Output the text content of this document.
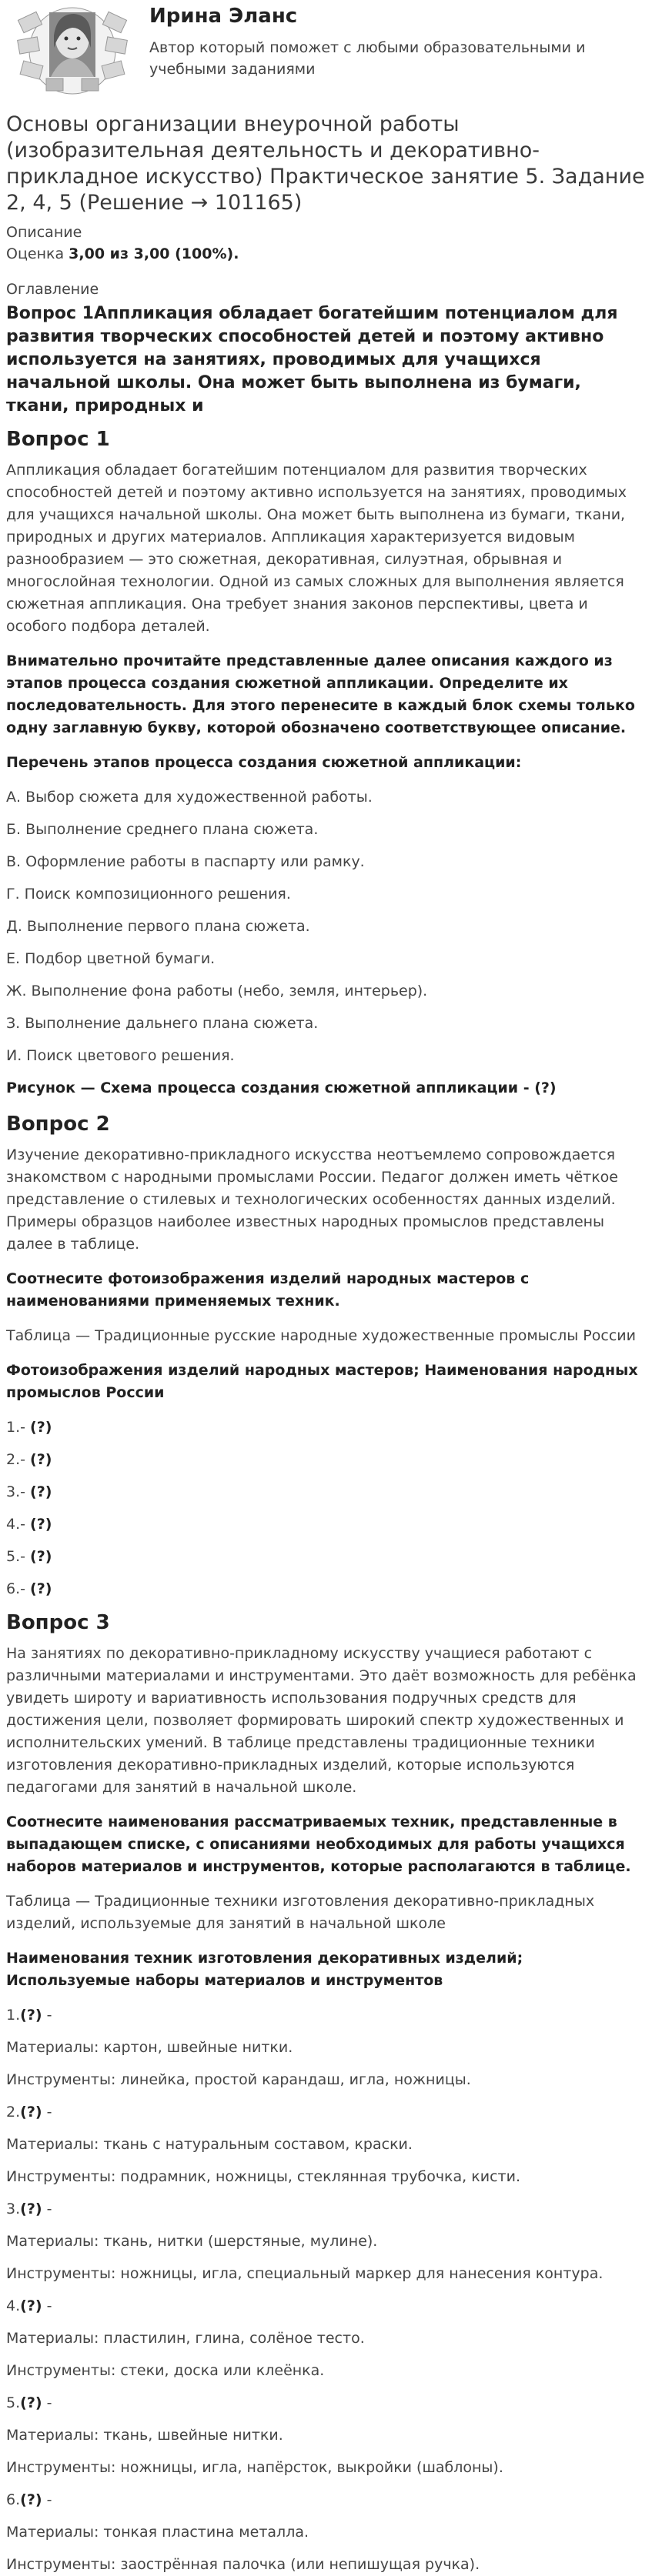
Ирина Эланс
Автор который поможет с любыми образовательными и учебными заданиями
Основы организации внеурочной работы (изобразительная деятельность и декоративно-прикладное искусство) Практическое занятие 5. Задание 2, 4, 5 (Решение → 101165)
Описание
Оценка 3,00 из 3,00 (100%).
Оглавление
Вопрос 1Аппликация обладает богатейшим потенциалом для развития творческих способностей детей и поэтому активно используется на занятиях, проводимых для учащихся начальной школы. Она может быть выполнена из бумаги, ткани, природных и
Вопрос 1

Аппликация обладает богатейшим потенциалом для развития творческих способностей детей и поэтому активно используется на занятиях, проводимых для учащихся начальной школы. Она может быть выполнена из бумаги, ткани, природных и других материалов. Аппликация характеризуется видовым разнообразием — это сюжетная, декоративная, силуэтная, обрывная и многослойная технологии. Одной из самых сложных для выполнения является сюжетная аппликация. Она требует знания законов перспективы, цвета и особого подбора деталей.

Внимательно прочитайте представленные далее описания каждого из этапов процесса создания сюжетной аппликации. Определите их последовательность. Для этого перенесите в каждый блок схемы только одну заглавную букву, которой обозначено соответствующее описание.

Перечень этапов процесса создания сюжетной аппликации:

А. Выбор сюжета для художественной работы.

Б. Выполнение среднего плана сюжета.

В. Оформление работы в паспарту или рамку.

Г. Поиск композиционного решения.

Д. Выполнение первого плана сюжета.

Е. Подбор цветной бумаги.

Ж. Выполнение фона работы (небо, земля, интерьер).

З. Выполнение дальнего плана сюжета.

И. Поиск цветового решения.

Рисунок — Схема процесса создания сюжетной аппликации - (?)

Вопрос 2

Изучение декоративно-прикладного искусства неотъемлемо сопровождается знакомством с народными промыслами России. Педагог должен иметь чёткое представление о стилевых и технологических особенностях данных изделий. Примеры образцов наиболее известных народных промыслов представлены далее в таблице.

Соотнесите фотоизображения изделий народных мастеров с наименованиями применяемых техник.

Таблица — Традиционные русские народные художественные промыслы России

Фотоизображения изделий народных мастеров; Наименования народных промыслов России

1.- (?)

2.- (?)

3.- (?)

4.- (?)

5.- (?)

6.- (?)

Вопрос 3

На занятиях по декоративно-прикладному искусству учащиеся работают с различными материалами и инструментами. Это даёт возможность для ребёнка увидеть широту и вариативность использования подручных средств для достижения цели, позволяет формировать широкий спектр художественных и исполнительских умений. В таблице представлены традиционные техники изготовления декоративно-прикладных изделий, которые используются педагогами для занятий в начальной школе.

Соотнесите наименования рассматриваемых техник, представленные в выпадающем списке, с описаниями необходимых для работы учащихся наборов материалов и инструментов, которые располагаются в таблице.

Таблица — Традиционные техники изготовления декоративно-прикладных изделий, используемые для занятий в начальной школе

Наименования техник изготовления декоративных изделий; Используемые наборы материалов и инструментов

1.(?) -

Материалы: картон, швейные нитки.

Инструменты: линейка, простой карандаш, игла, ножницы.

2.(?) -

Материалы: ткань с натуральным составом, краски.

Инструменты: подрамник, ножницы, стеклянная трубочка, кисти.

3.(?) -

Материалы: ткань, нитки (шерстяные, мулине).

Инструменты: ножницы, игла, специальный маркер для нанесения контура.

4.(?) -

Материалы: пластилин, глина, солёное тесто.

Инструменты: стеки, доска или клеёнка.

5.(?) -

Материалы: ткань, швейные нитки.

Инструменты: ножницы, игла, напёрсток, выкройки (шаблоны).

6.(?) -

Материалы: тонкая пластина металла.

Инструменты: заострённая палочка (или непишущая ручка).
